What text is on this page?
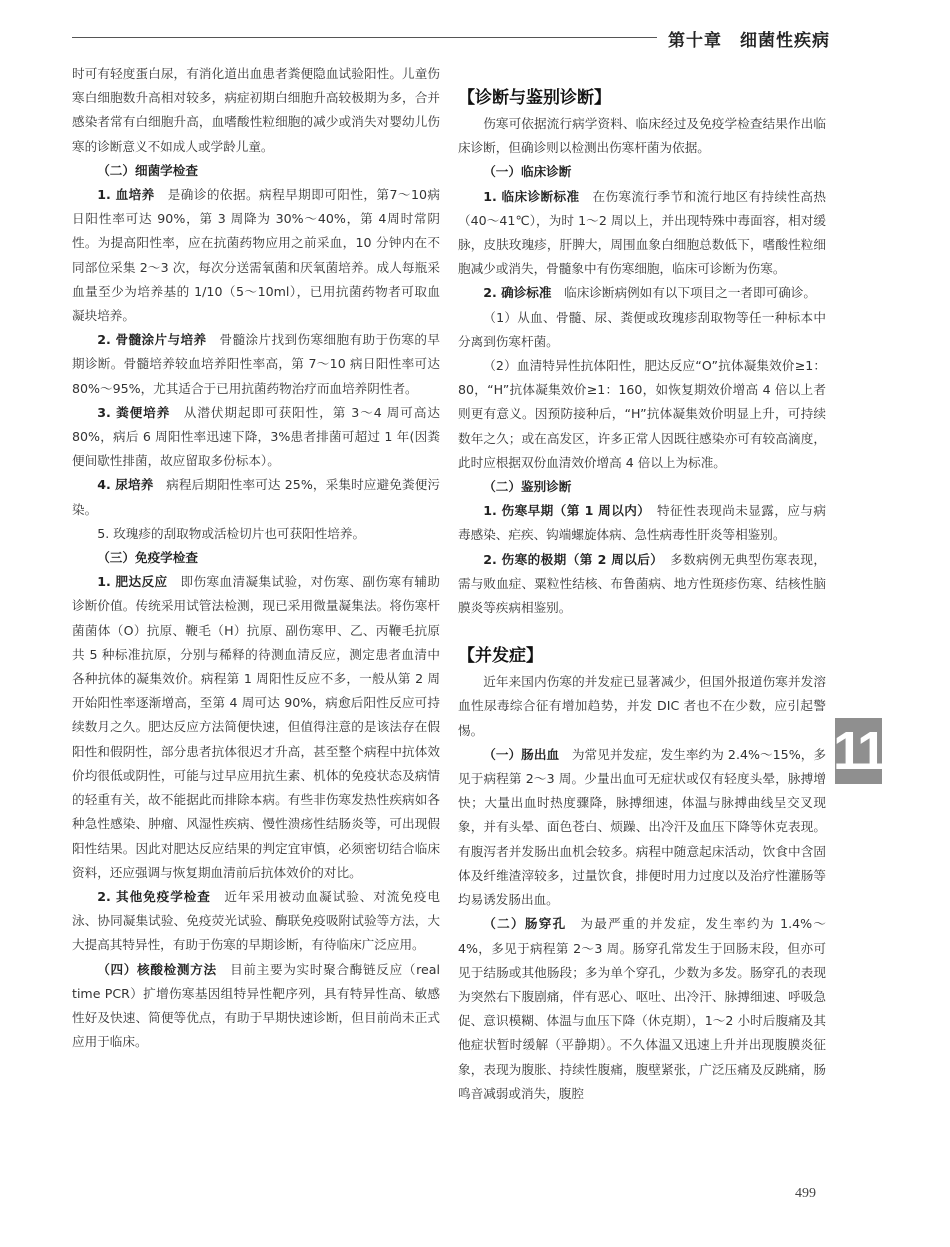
第十章 细菌性疾病

时可有轻度蛋白尿，有消化道出血患者粪便隐血试验阳性。儿童伤寒白细胞数升高相对较多，病症初期白细胞升高较极期为多，合并感染者常有白细胞升高，血嗜酸性粒细胞的减少或消失对婴幼儿伤寒的诊断意义不如成人或学龄儿童。

（二）细菌学检查

1. 血培养　 是确诊的依据。病程早期即可阳性，第7～10病日阳性率可达 90%，第 3 周降为 30%～40%，第 4周时常阴性。为提高阳性率，应在抗菌药物应用之前采血，10 分钟内在不同部位采集 2～3 次，每次分送需氧菌和厌氧菌培养。成人每瓶采血量至少为培养基的 1/10（5～10ml），已用抗菌药物者可取血凝块培养。

2. 骨髓涂片与培养　 骨髓涂片找到伤寒细胞有助于伤寒的早期诊断。骨髓培养较血培养阳性率高，第 7～10 病日阳性率可达 80%～95%，尤其适合于已用抗菌药物治疗而血培养阴性者。

3. 粪便培养　 从潜伏期起即可获阳性，第 3～4 周可高达 80%，病后 6 周阳性率迅速下降，3%患者排菌可超过 1 年(因粪便间歇性排菌，故应留取多份标本）。

4. 尿培养　 病程后期阳性率可达 25%，采集时应避免粪便污染。

5. 玫瑰疹的刮取物或活检切片也可获阳性培养。

（三）免疫学检查

1. 肥达反应　 即伤寒血清凝集试验，对伤寒、副伤寒有辅助诊断价值。传统采用试管法检测，现已采用微量凝集法。将伤寒杆菌菌体（O）抗原、鞭毛（H）抗原、副伤寒甲、乙、丙鞭毛抗原共 5 种标准抗原，分别与稀释的待测血清反应，测定患者血清中各种抗体的凝集效价。病程第 1 周阳性反应不多，一般从第 2 周开始阳性率逐渐增高，至第 4 周可达 90%，病愈后阳性反应可持续数月之久。肥达反应方法简便快速，但值得注意的是该法存在假阳性和假阴性，部分患者抗体很迟才升高，甚至整个病程中抗体效价均很低或阴性，可能与过早应用抗生素、机体的免疫状态及病情的轻重有关，故不能据此而排除本病。有些非伤寒发热性疾病如各种急性感染、肿瘤、风湿性疾病、慢性溃疡性结肠炎等，可出现假阳性结果。因此对肥达反应结果的判定宜审慎，必须密切结合临床资料，还应强调与恢复期血清前后抗体效价的对比。

2. 其他免疫学检查　 近年采用被动血凝试验、对流免疫电泳、协同凝集试验、免疫荧光试验、酶联免疫吸附试验等方法，大大提高其特异性，有助于伤寒的早期诊断，有待临床广泛应用。

（四）核酸检测方法　 目前主要为实时聚合酶链反应（real time PCR）扩增伤寒基因组特异性靶序列，具有特异性高、敏感性好及快速、简便等优点，有助于早期快速诊断，但目前尚未正式应用于临床。

【诊断与鉴别诊断】

伤寒可依据流行病学资料、临床经过及免疫学检查结果作出临床诊断，但确诊则以检测出伤寒杆菌为依据。

（一）临床诊断

1. 临床诊断标准　 在伤寒流行季节和流行地区有持续性高热（40～41℃），为时 1～2 周以上，并出现特殊中毒面容，相对缓脉，皮肤玫瑰疹，肝脾大，周围血象白细胞总数低下，嗜酸性粒细胞减少或消失，骨髓象中有伤寒细胞，临床可诊断为伤寒。

2. 确诊标准　 临床诊断病例如有以下项目之一者即可确诊。

（1）从血、骨髓、尿、粪便或玫瑰疹刮取物等任一种标本中分离到伤寒杆菌。

（2）血清特异性抗体阳性，肥达反应“O”抗体凝集效价≥1：80，“H”抗体凝集效价≥1：160，如恢复期效价增高 4 倍以上者则更有意义。因预防接种后，“H”抗体凝集效价明显上升，可持续数年之久；或在高发区，许多正常人因既往感染亦可有较高滴度，此时应根据双份血清效价增高 4 倍以上为标准。

（二）鉴别诊断

1. 伤寒早期（第 1 周以内）　 特征性表现尚未显露，应与病毒感染、疟疾、钩端螺旋体病、急性病毒性肝炎等相鉴别。

2. 伤寒的极期（第 2 周以后）　 多数病例无典型伤寒表现，需与败血症、粟粒性结核、布鲁菌病、地方性斑疹伤寒、结核性脑膜炎等疾病相鉴别。

【并发症】

近年来国内伤寒的并发症已显著减少，但国外报道伤寒并发溶血性尿毒综合征有增加趋势，并发 DIC 者也不在少数，应引起警惕。

（一）肠出血　 为常见并发症，发生率约为 2.4%～15%，多见于病程第 2～3 周。少量出血可无症状或仅有轻度头晕，脉搏增快；大量出血时热度骤降，脉搏细速，体温与脉搏曲线呈交叉现象，并有头晕、面色苍白、烦躁、出冷汗及血压下降等休克表现。有腹泻者并发肠出血机会较多。病程中随意起床活动，饮食中含固体及纤维渣滓较多，过量饮食，排便时用力过度以及治疗性灌肠等均易诱发肠出血。

（二）肠穿孔　 为最严重的并发症，发生率约为 1.4%～4%，多见于病程第 2～3 周。肠穿孔常发生于回肠末段，但亦可见于结肠或其他肠段；多为单个穿孔，少数为多发。肠穿孔的表现为突然右下腹剧痛，伴有恶心、呕吐、出冷汗、脉搏细速、呼吸急促、意识模糊、体温与血压下降（休克期），1～2 小时后腹痛及其他症状暂时缓解（平静期）。不久体温又迅速上升并出现腹膜炎征象，表现为腹胀、持续性腹痛，腹壁紧张，广泛压痛及反跳痛，肠鸣音减弱或消失，腹腔

11
499
